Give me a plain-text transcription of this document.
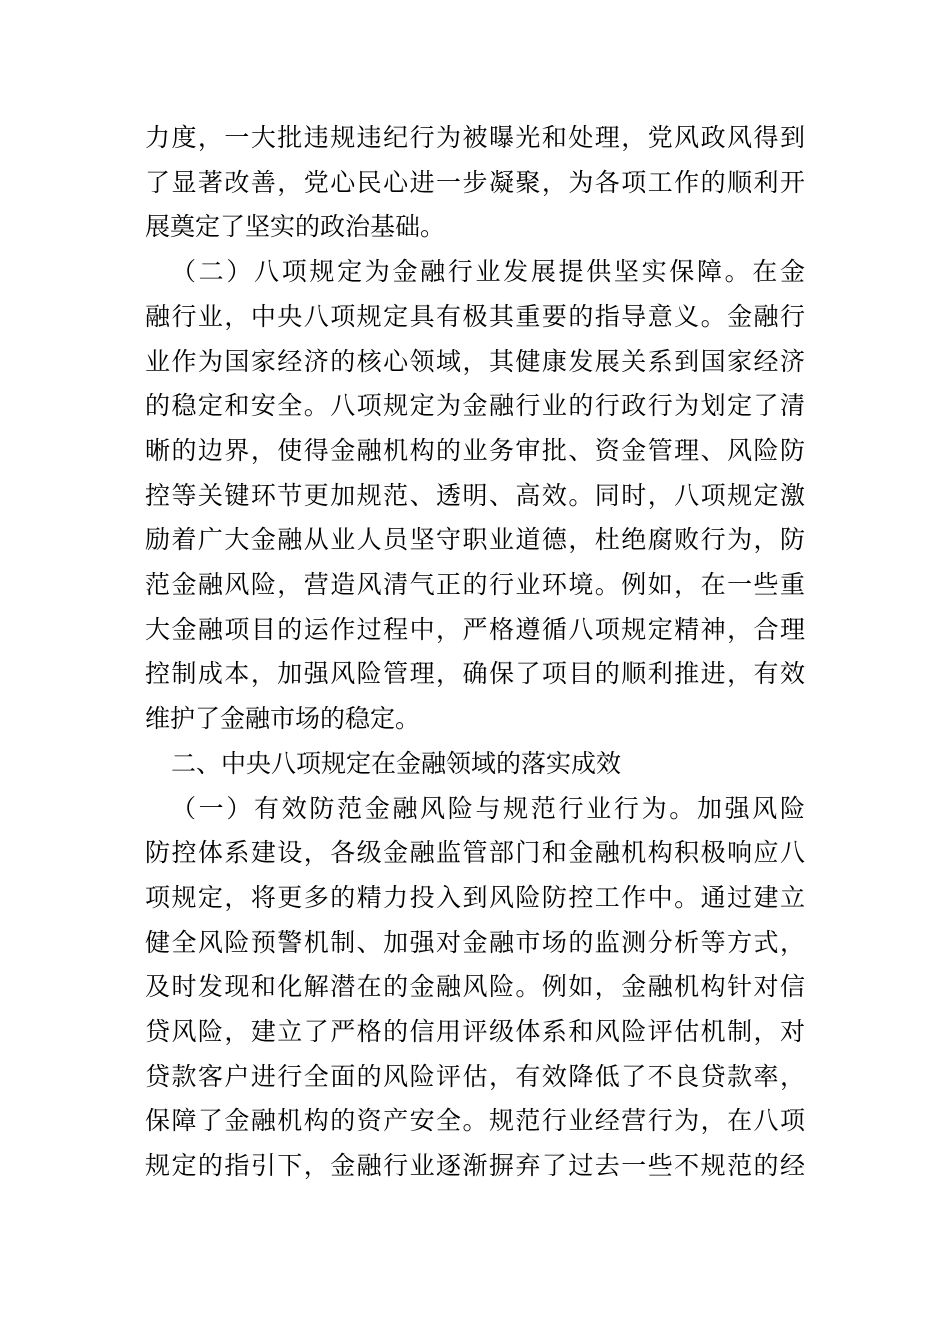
力度，一大批违规违纪行为被曝光和处理，党风政风得到
了显著改善，党心民心进一步凝聚，为各项工作的顺利开
展奠定了坚实的政治基础。
（二）八项规定为金融行业发展提供坚实保障。在金
融行业，中央八项规定具有极其重要的指导意义。金融行
业作为国家经济的核心领域，其健康发展关系到国家经济
的稳定和安全。八项规定为金融行业的行政行为划定了清
晰的边界，使得金融机构的业务审批、资金管理、风险防
控等关键环节更加规范、透明、高效。同时，八项规定激
励着广大金融从业人员坚守职业道德，杜绝腐败行为，防
范金融风险，营造风清气正的行业环境。例如，在一些重
大金融项目的运作过程中，严格遵循八项规定精神，合理
控制成本，加强风险管理，确保了项目的顺利推进，有效
维护了金融市场的稳定。
二、中央八项规定在金融领域的落实成效
（一）有效防范金融风险与规范行业行为。加强风险
防控体系建设，各级金融监管部门和金融机构积极响应八
项规定，将更多的精力投入到风险防控工作中。通过建立
健全风险预警机制、加强对金融市场的监测分析等方式，
及时发现和化解潜在的金融风险。例如，金融机构针对信
贷风险，建立了严格的信用评级体系和风险评估机制，对
贷款客户进行全面的风险评估，有效降低了不良贷款率，
保障了金融机构的资产安全。规范行业经营行为，在八项
规定的指引下，金融行业逐渐摒弃了过去一些不规范的经
